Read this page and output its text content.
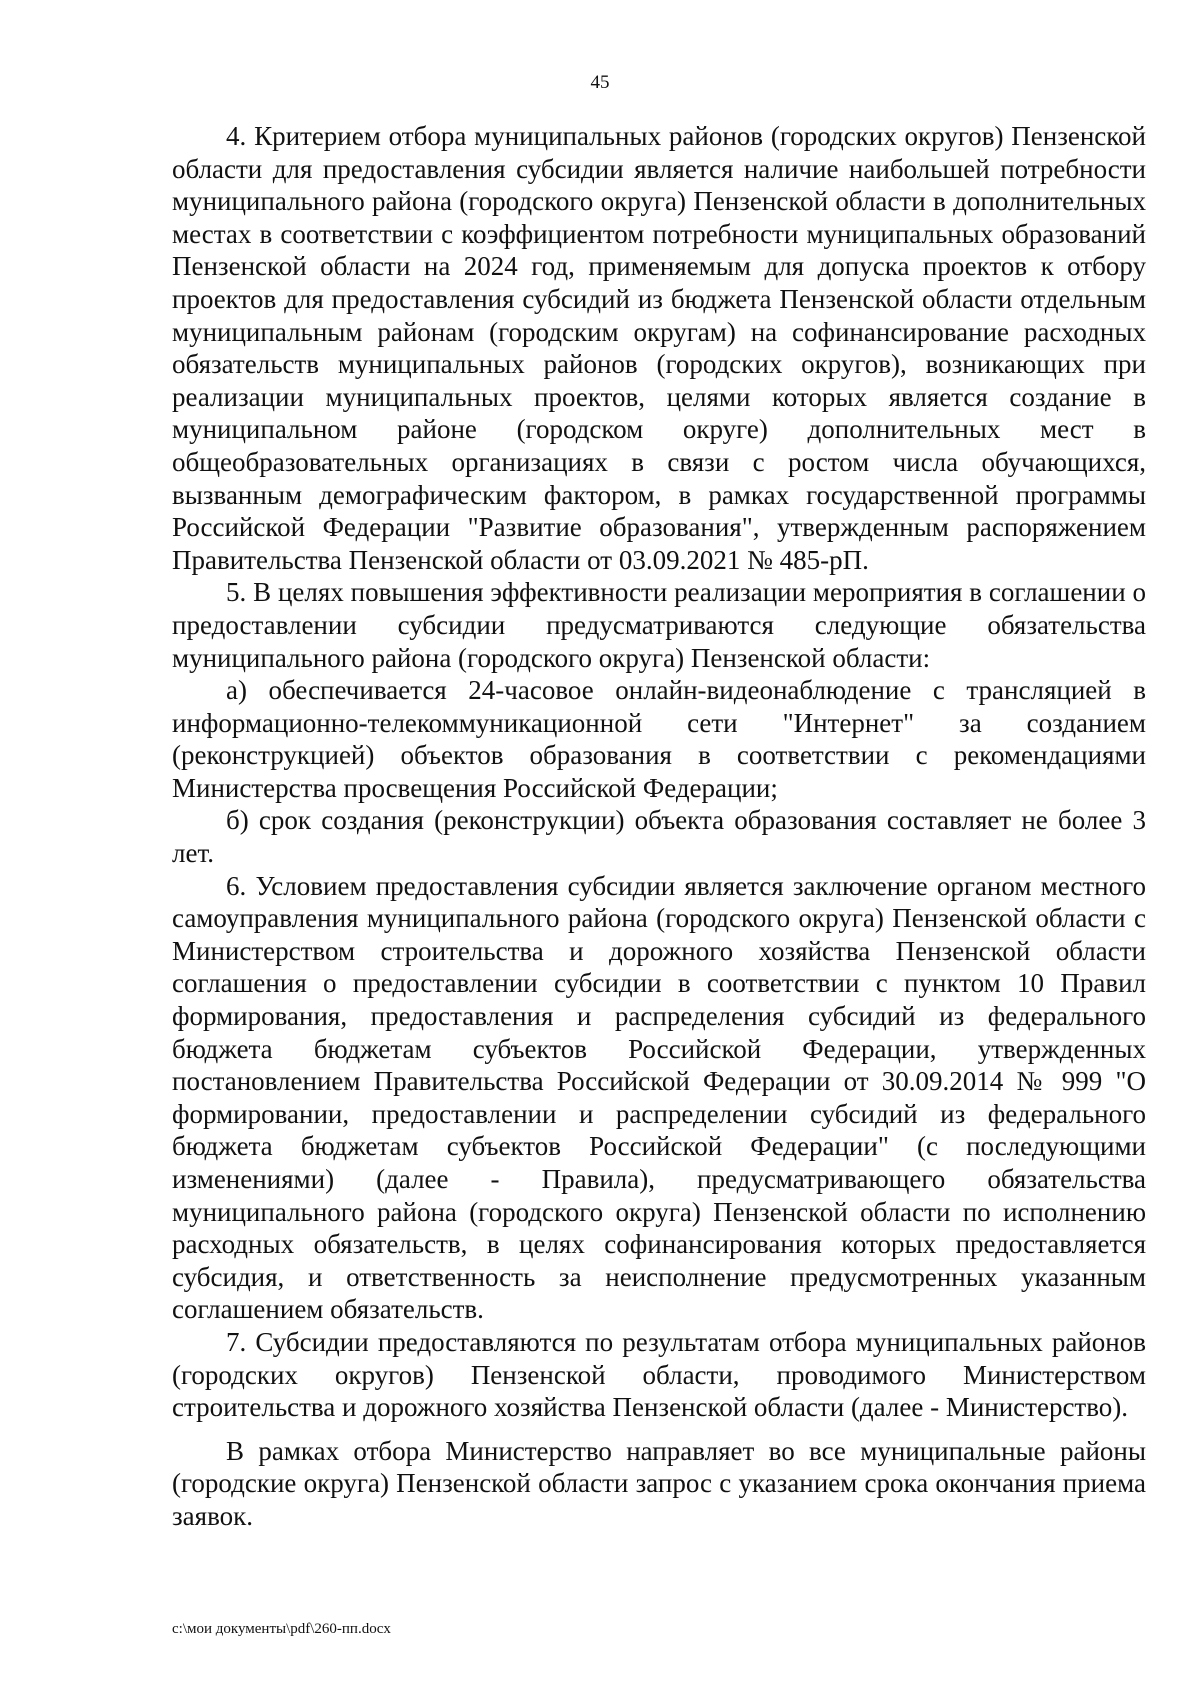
45

4. Критерием отбора муниципальных районов (городских округов) Пензенской области для предоставления субсидии является наличие наибольшей потребности муниципального района (городского округа) Пензенской области в дополнительных местах в соответствии с коэффициентом потребности муниципальных образований Пензенской области на 2024 год, применяемым для допуска проектов к отбору проектов для предоставления субсидий из бюджета Пензенской области отдельным муниципальным районам (городским округам) на софинансирование расходных обязательств муниципальных районов (городских округов), возникающих при реализации муниципальных проектов, целями которых является создание в муниципальном районе (городском округе) дополнительных мест в общеобразовательных организациях в связи с ростом числа обучающихся, вызванным демографическим фактором, в рамках государственной программы Российской Федерации "Развитие образования", утвержденным распоряжением Правительства Пензенской области от 03.09.2021 № 485-рП.

5. В целях повышения эффективности реализации мероприятия в соглашении о предоставлении субсидии предусматриваются следующие обязательства муниципального района (городского округа) Пензенской области:

а) обеспечивается 24-часовое онлайн-видеонаблюдение с трансляцией в информационно-телекоммуникационной сети "Интернет" за созданием (реконструкцией) объектов образования в соответствии с рекомендациями Министерства просвещения Российской Федерации;

б) срок создания (реконструкции) объекта образования составляет не более 3 лет.

6. Условием предоставления субсидии является заключение органом местного самоуправления муниципального района (городского округа) Пензенской области с Министерством строительства и дорожного хозяйства Пензенской области соглашения о предоставлении субсидии в соответствии с пунктом 10 Правил формирования, предоставления и распределения субсидий из федерального бюджета бюджетам субъектов Российской Федерации, утвержденных постановлением Правительства Российской Федерации от 30.09.2014 № 999 "О формировании, предоставлении и распределении субсидий из федерального бюджета бюджетам субъектов Российской Федерации" (с последующими изменениями) (далее - Правила), предусматривающего обязательства муниципального района (городского округа) Пензенской области по исполнению расходных обязательств, в целях софинансирования которых предоставляется субсидия, и ответственность за неисполнение предусмотренных указанным соглашением обязательств.

7. Субсидии предоставляются по результатам отбора муниципальных районов (городских округов) Пензенской области, проводимого Министерством строительства и дорожного хозяйства Пензенской области (далее - Министерство).

В рамках отбора Министерство направляет во все муниципальные районы (городские округа) Пензенской области запрос с указанием срока окончания приема заявок.

c:\мои документы\pdf\260-пп.docx
